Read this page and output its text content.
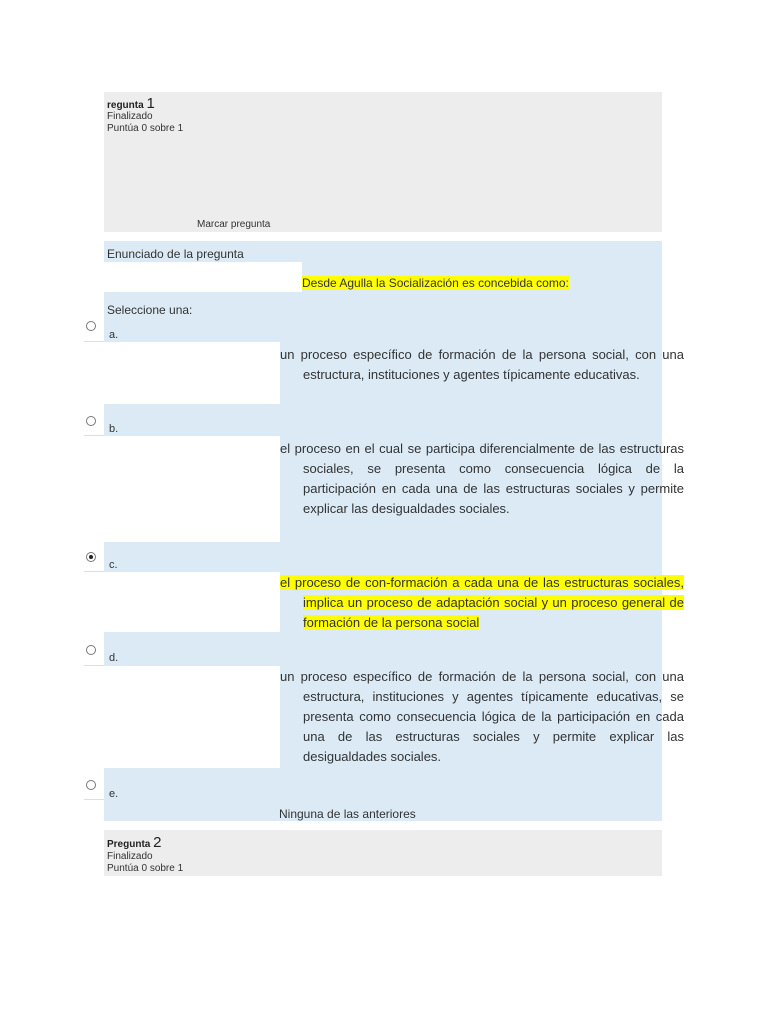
regunta 1
Finalizado
Puntúa 0 sobre 1
Marcar pregunta
Enunciado de la pregunta
Desde Agulla la Socialización es concebida como:
Seleccione una:
a.
un proceso específico de formación de la persona social, con una estructura, instituciones y agentes típicamente educativas.
b.
el proceso en el cual se participa diferencialmente de las estructuras sociales, se presenta como consecuencia lógica de la participación en cada una de las estructuras sociales y permite explicar las desigualdades sociales.
c.
el proceso de con-formación a cada una de las estructuras sociales, implica un proceso de adaptación social y un proceso general de formación de la persona social
d.
un proceso específico de formación de la persona social, con una estructura, instituciones y agentes típicamente educativas, se presenta como consecuencia lógica de la participación en cada una de las estructuras sociales y permite explicar las desigualdades sociales.
e.
Ninguna de las anteriores
Pregunta 2
Finalizado
Puntúa 0 sobre 1
